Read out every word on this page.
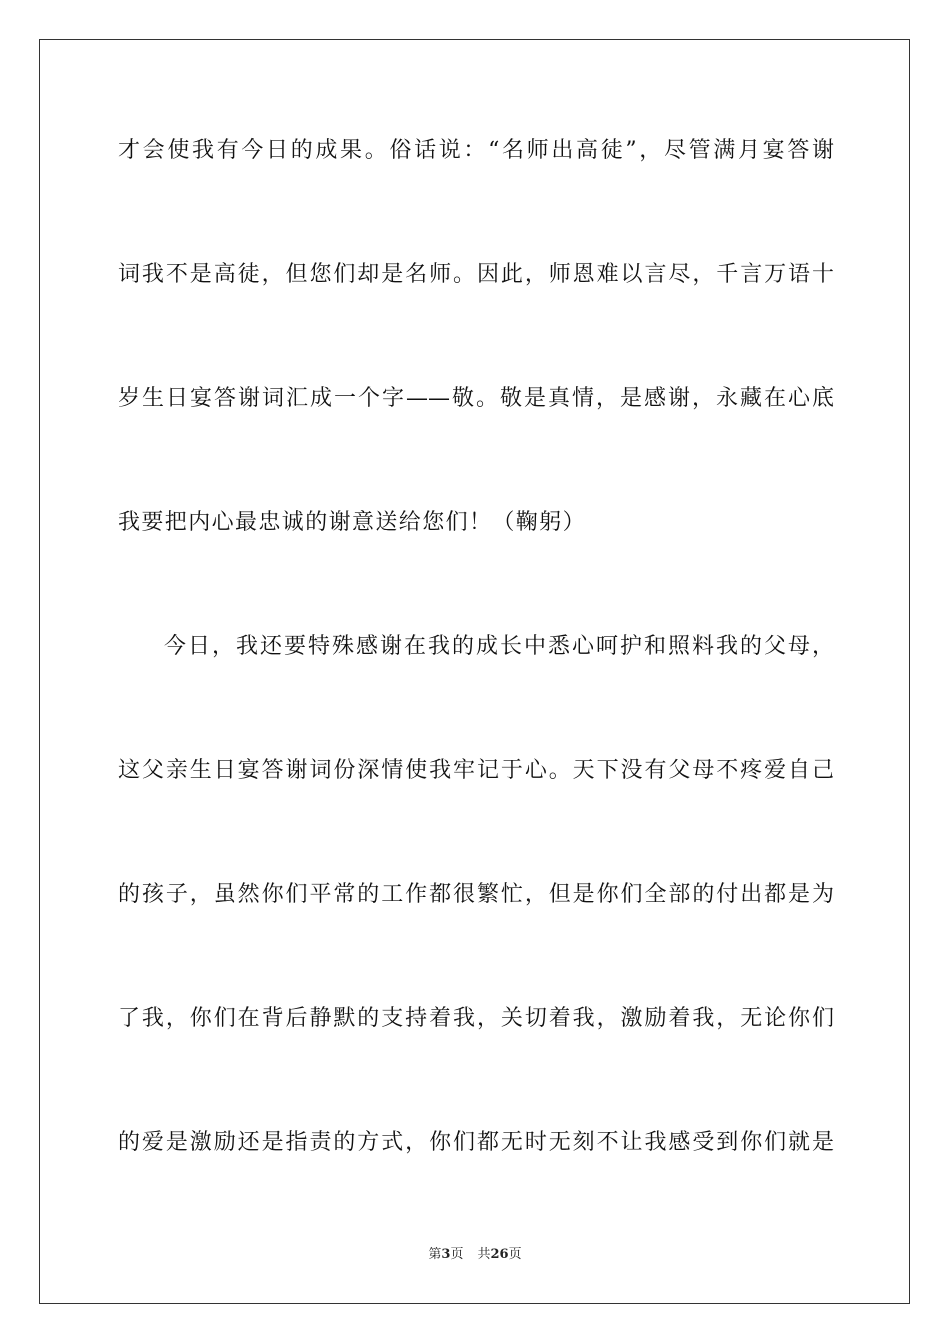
才会使我有今日的成果。俗话说：“名师出高徒”，尽管满月宴答谢
词我不是高徒，但您们却是名师。因此，师恩难以言尽，千言万语十
岁生日宴答谢词汇成一个字——敬。敬是真情，是感谢，永藏在心底
我要把内心最忠诚的谢意送给您们！（鞠躬）
今日，我还要特殊感谢在我的成长中悉心呵护和照料我的父母，
这父亲生日宴答谢词份深情使我牢记于心。天下没有父母不疼爱自己
的孩子，虽然你们平常的工作都很繁忙，但是你们全部的付出都是为
了我，你们在背后静默的支持着我，关切着我，激励着我，无论你们
的爱是激励还是指责的方式，你们都无时无刻不让我感受到你们就是
第3页 共26页
